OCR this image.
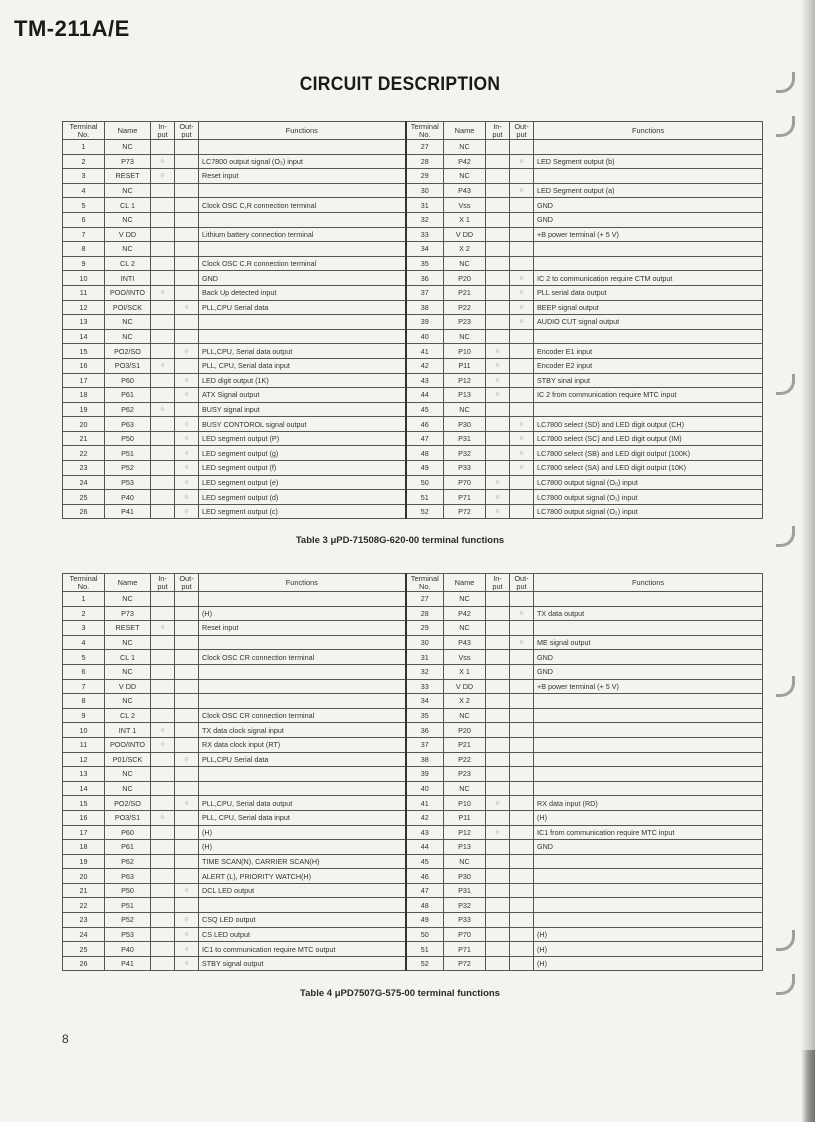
TM-211A/E
CIRCUIT DESCRIPTION
Terminal
No.	Name	In-
put	Out-
put	Functions	Terminal
No.	Name	In-
put	Out-
put	Functions
1	NC				27	NC			
2	P73	○		LC7800 output signal (O₃) input	28	P42		○	LED Segment output (b)
3	RESET	○		Reset input	29	NC			
4	NC				30	P43		○	LED Segment output (a)
5	CL 1			Clock OSC C,R connection terminal	31	Vss			GND
6	NC				32	X 1			GND
7	V DD			Lithium battery connection terminal	33	V DD			+B power terminal (+ 5 V)
8	NC				34	X 2			
9	CL 2			Clock OSC C.R connection terminal	35	NC			
10	INTI			GND	36	P20		○	IC 2 to communication require CTM output
11	POO/INTO	○		Back Up detected input	37	P21		○	PLL serial data output
12	POI/SCK		○	PLL,CPU Serial data	38	P22		○	BEEP signal output
13	NC				39	P23		○	AUDIO CUT signal output
14	NC				40	NC			
15	PO2/SO		○	PLL,CPU, Serial data output	41	P10	○		Encoder E1 input
16	PO3/S1	○		PLL, CPU, Serial data input	42	P11	○		Encoder E2 input
17	P60		○	LED digit output (1K)	43	P12	○		STBY sinal input
18	P61		○	ATX Signal output	44	P13	○		IC 2 from communication require MTC input
19	P62	○		BUSY signal input	45	NC			
20	P63		○	BUSY CONTOROL signal output	46	P30		○	LC7800 select (SD) and LED digit output (CH)
21	P50		○	LED segment output (P)	47	P31		○	LC7800 select (SC) and LED digit output (IM)
22	P51		○	LED segment output (g)	48	P32		○	LC7800 select (SB) and LED digit output (100K)
23	P52		○	LED segment output (f)	49	P33		○	LC7800 select (SA) and LED digit output (10K)
24	P53		○	LED segment output (e)	50	P70	○		LC7800 output signal (O₀) input
25	P40		○	LED segment output (d)	51	P71	○		LC7800 output signal (O₁) input
26	P41		○	LED segment output (c)	52	P72	○		LC7800 output signal (O₂) input
Table 3 μPD-71508G-620-00 terminal functions
Terminal
No.	Name	In-
put	Out-
put	Functions	Terminal
No.	Name	In-
put	Out-
put	Functions
1	NC				27	NC			
2	P73			(H)	28	P42		○	TX data output
3	RESET	○		Reset input	29	NC			
4	NC				30	P43		○	ME signal output
5	CL 1			Clock OSC CR connection terminal	31	Vss			GND
6	NC				32	X 1			GND
7	V DD				33	V DD			+B power terminal (+ 5 V)
8	NC				34	X 2			
9	CL 2			Clock OSC CR connection terminal	35	NC			
10	INT 1	○		TX data clock signal input	36	P20			
11	POO/INTO	○		RX data clock input (RT)	37	P21			
12	P01/SCK		○	PLL,CPU Serial data	38	P22			
13	NC				39	P23			
14	NC				40	NC			
15	PO2/SO		○	PLL,CPU, Serial data output	41	P10	○		RX data input (RD)
16	PO3/S1	○		PLL, CPU, Serial data input	42	P11			(H)
17	P60			(H)	43	P12	○		IC1 from communication require MTC input
18	P61			(H)	44	P13			GND
19	P62			TIME SCAN(N), CARRIER SCAN(H)	45	NC			
20	P63			ALERT (L), PRIORITY WATCH(H)	46	P30			
21	P50		○	DCL LED output	47	P31			
22	P51				48	P32			
23	P52		○	CSQ LED output	49	P33			
24	P53		○	CS LED output	50	P70			(H)
25	P40		○	IC1 to communication require MTC output	51	P71			(H)
26	P41		○	STBY signal output	52	P72			(H)
Table 4 μPD7507G-575-00 terminal functions
8
